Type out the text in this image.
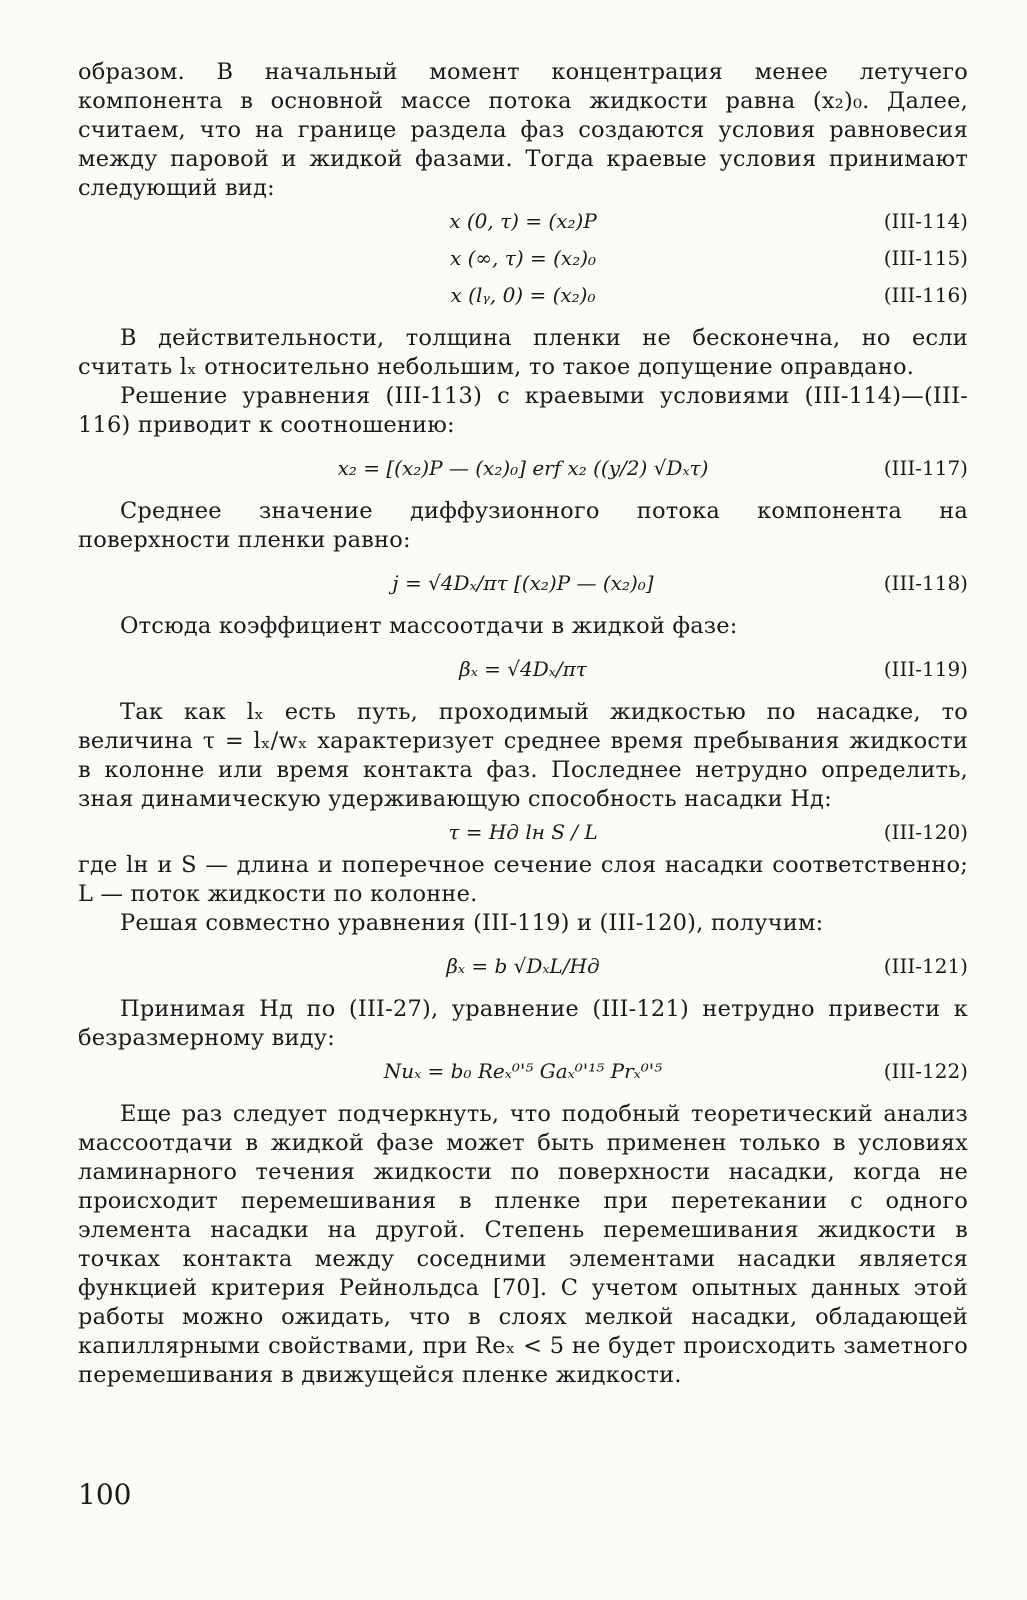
образом. В начальный момент концентрация менее летучего компонента в основной массе потока жидкости равна (x₂)₀. Далее, считаем, что на границе раздела фаз создаются условия равновесия между паровой и жидкой фазами. Тогда краевые условия принимают следующий вид:

x (0, τ) = (x₂)P	(III-114)
x (∞, τ) = (x₂)₀	(III-115)
x (lᵧ, 0) = (x₂)₀	(III-116)

В действительности, толщина пленки не бесконечна, но если считать lₓ относительно небольшим, то такое допущение оправдано.

Решение уравнения (III-113) с краевыми условиями (III-114)—(III-116) приводит к соотношению:

x₂ = [(x₂)P — (x₂)₀] erf x₂ ((y/2) √Dₓτ)	(III-117)

Среднее значение диффузионного потока компонента на поверхности пленки равно:

j = √4Dₓ/πτ [(x₂)P — (x₂)₀]	(III-118)

Отсюда коэффициент массоотдачи в жидкой фазе:

βₓ = √4Dₓ/πτ	(III-119)

Так как lₓ есть путь, проходимый жидкостью по насадке, то величина τ = lₓ/wₓ характеризует среднее время пребывания жидкости в колонне или время контакта фаз. Последнее нетрудно определить, зная динамическую удерживающую способность насадки Hд:

τ = Hд lн S / L	(III-120)

где lн и S — длина и поперечное сечение слоя насадки соответственно; L — поток жидкости по колонне.

Решая совместно уравнения (III-119) и (III-120), получим:

βₓ = b √DₓL/Hд	(III-121)

Принимая Hд по (III-27), уравнение (III-121) нетрудно привести к безразмерному виду:

Nuₓ = b₀ Reₓ⁰'⁵ Gaₓ⁰'¹⁵ Prₓ⁰'⁵	(III-122)

Еще раз следует подчеркнуть, что подобный теоретический анализ массоотдачи в жидкой фазе может быть применен только в условиях ламинарного течения жидкости по поверхности насадки, когда не происходит перемешивания в пленке при перетекании с одного элемента насадки на другой. Степень перемешивания жидкости в точках контакта между соседними элементами насадки является функцией критерия Рейнольдса [70]. С учетом опытных данных этой работы можно ожидать, что в слоях мелкой насадки, обладающей капиллярными свойствами, при Reₓ < 5 не будет происходить заметного перемешивания в движущейся пленке жидкости.

100
